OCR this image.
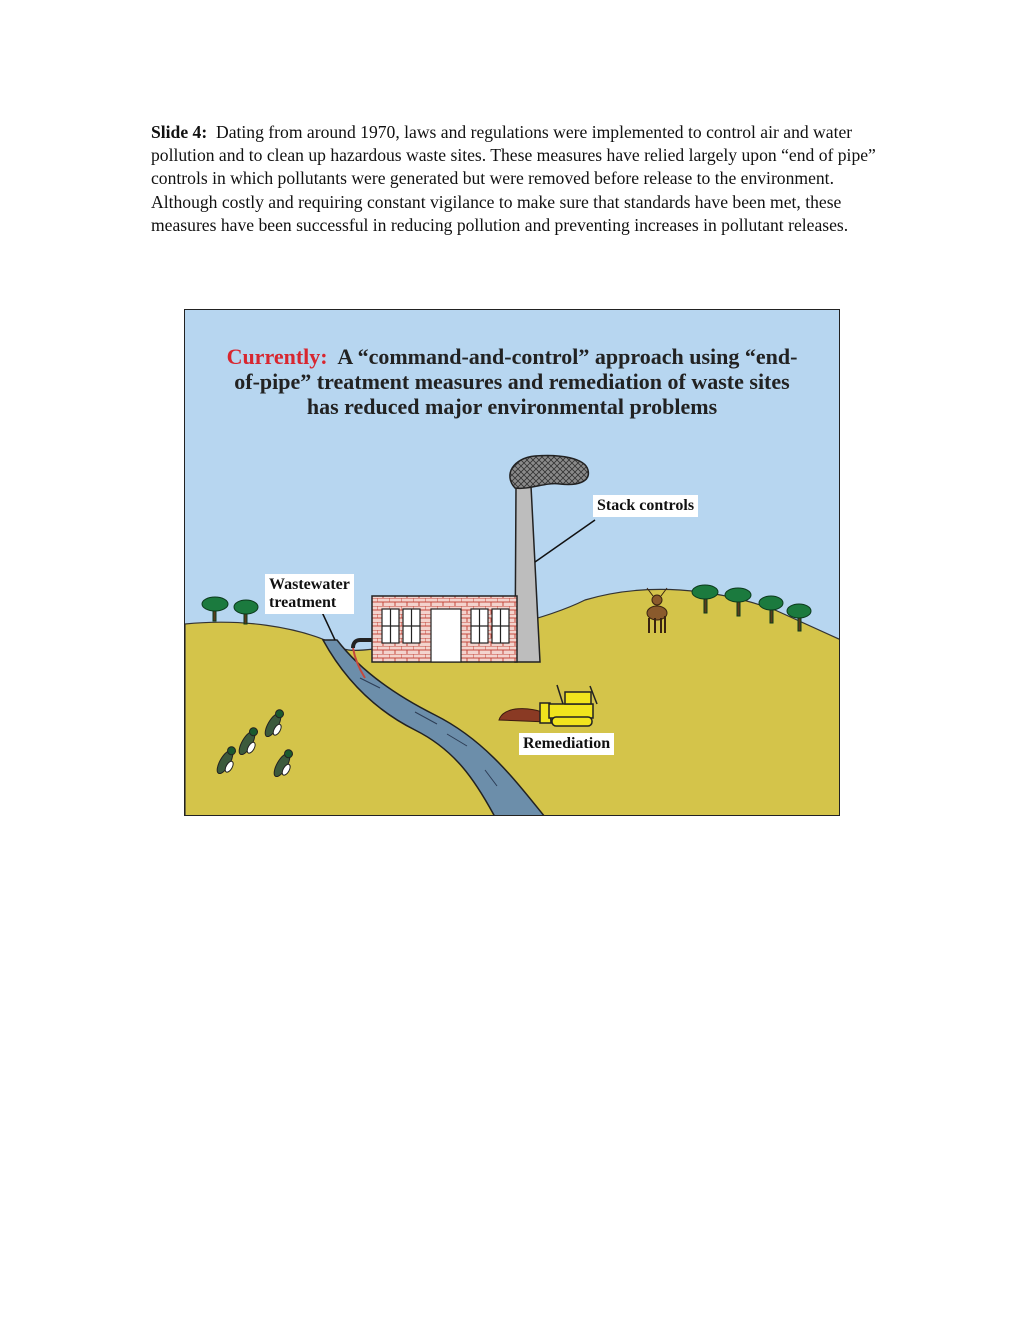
Slide 4: Dating from around 1970, laws and regulations were implemented to control air and water pollution and to clean up hazardous waste sites. These measures have relied largely upon “end of pipe” controls in which pollutants were generated but were removed before release to the environment. Although costly and requiring constant vigilance to make sure that standards have been met, these measures have been successful in reducing pollution and preventing increases in pollutant releases.
Currently: A “command-and-control” approach using “end-
of-pipe” treatment measures and remediation of waste sites
has reduced major environmental problems
Stack controls
Wastewater
treatment
Remediation
